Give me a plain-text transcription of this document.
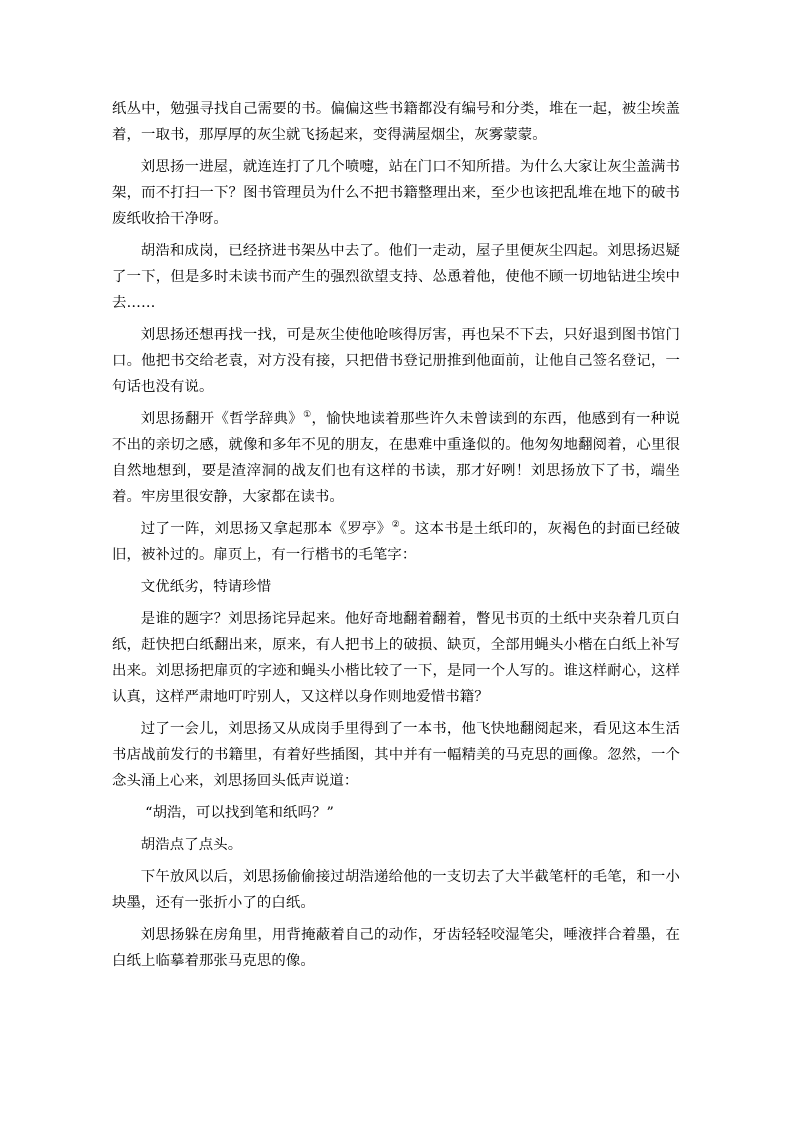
纸丛中，勉强寻找自己需要的书。偏偏这些书籍都没有编号和分类，堆在一起，被尘埃盖着，一取书，那厚厚的灰尘就飞扬起来，变得满屋烟尘，灰雾蒙蒙。

刘思扬一进屋，就连连打了几个喷嚏，站在门口不知所措。为什么大家让灰尘盖满书架，而不打扫一下？图书管理员为什么不把书籍整理出来，至少也该把乱堆在地下的破书废纸收拾干净呀。

胡浩和成岗，已经挤进书架丛中去了。他们一走动，屋子里便灰尘四起。刘思扬迟疑了一下，但是多时未读书而产生的强烈欲望支持、怂恿着他，使他不顾一切地钻进尘埃中去……

刘思扬还想再找一找，可是灰尘使他呛咳得厉害，再也呆不下去，只好退到图书馆门口。他把书交给老袁，对方没有接，只把借书登记册推到他面前，让他自己签名登记，一句话也没有说。

刘思扬翻开《哲学辞典》①，愉快地读着那些许久未曾读到的东西，他感到有一种说不出的亲切之感，就像和多年不见的朋友，在患难中重逢似的。他匆匆地翻阅着，心里很自然地想到，要是渣滓洞的战友们也有这样的书读，那才好咧！刘思扬放下了书，端坐着。牢房里很安静，大家都在读书。

过了一阵，刘思扬又拿起那本《罗亭》②。这本书是土纸印的，灰褐色的封面已经破旧，被补过的。扉页上，有一行楷书的毛笔字：

文优纸劣，特请珍惜

是谁的题字？刘思扬诧异起来。他好奇地翻着翻着，瞥见书页的土纸中夹杂着几页白纸，赶快把白纸翻出来，原来，有人把书上的破损、缺页，全部用蝇头小楷在白纸上补写出来。刘思扬把扉页的字迹和蝇头小楷比较了一下，是同一个人写的。谁这样耐心，这样认真，这样严肃地叮咛别人，又这样以身作则地爱惜书籍？

过了一会儿，刘思扬又从成岗手里得到了一本书，他飞快地翻阅起来，看见这本生活书店战前发行的书籍里，有着好些插图，其中并有一幅精美的马克思的画像。忽然，一个念头涌上心来，刘思扬回头低声说道：

“胡浩，可以找到笔和纸吗？”

胡浩点了点头。

下午放风以后，刘思扬偷偷接过胡浩递给他的一支切去了大半截笔杆的毛笔，和一小块墨，还有一张折小了的白纸。

刘思扬躲在房角里，用背掩蔽着自己的动作，牙齿轻轻咬湿笔尖，唾液拌合着墨，在白纸上临摹着那张马克思的像。
